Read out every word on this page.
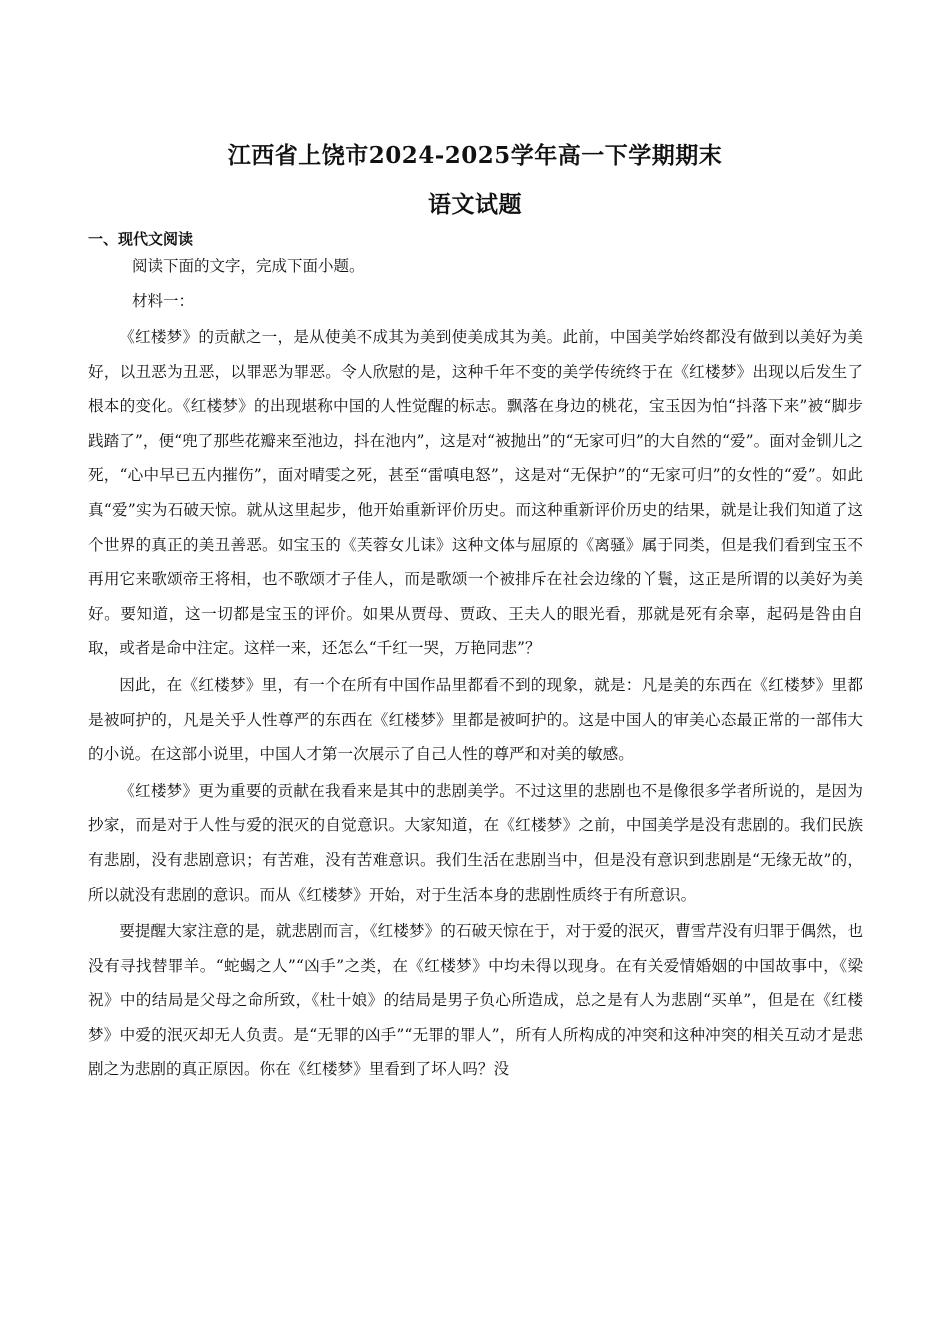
江西省上饶市2024-2025学年高一下学期期末
语文试题
一、现代文阅读
阅读下面的文字，完成下面小题。
材料一：

《红楼梦》的贡献之一，是从使美不成其为美到使美成其为美。此前，中国美学始终都没有做到以美好为美好，以丑恶为丑恶，以罪恶为罪恶。令人欣慰的是，这种千年不变的美学传统终于在《红楼梦》出现以后发生了根本的变化。《红楼梦》的出现堪称中国的人性觉醒的标志。飘落在身边的桃花，宝玉因为怕“抖落下来”被“脚步践踏了”，便“兜了那些花瓣来至池边，抖在池内”，这是对“被抛出”的“无家可归”的大自然的“爱”。面对金钏儿之死，“心中早已五内摧伤”，面对晴雯之死，甚至“雷嗔电怒”，这是对“无保护”的“无家可归”的女性的“爱”。如此真“爱”实为石破天惊。就从这里起步，他开始重新评价历史。而这种重新评价历史的结果，就是让我们知道了这个世界的真正的美丑善恶。如宝玉的《芙蓉女儿诔》这种文体与屈原的《离骚》属于同类，但是我们看到宝玉不再用它来歌颂帝王将相，也不歌颂才子佳人，而是歌颂一个被排斥在社会边缘的丫鬟，这正是所谓的以美好为美好。要知道，这一切都是宝玉的评价。如果从贾母、贾政、王夫人的眼光看，那就是死有余辜，起码是咎由自取，或者是命中注定。这样一来，还怎么“千红一哭，万艳同悲”？

因此，在《红楼梦》里，有一个在所有中国作品里都看不到的现象，就是：凡是美的东西在《红楼梦》里都是被呵护的，凡是关乎人性尊严的东西在《红楼梦》里都是被呵护的。这是中国人的审美心态最正常的一部伟大的小说。在这部小说里，中国人才第一次展示了自己人性的尊严和对美的敏感。

《红楼梦》更为重要的贡献在我看来是其中的悲剧美学。不过这里的悲剧也不是像很多学者所说的，是因为抄家，而是对于人性与爱的泯灭的自觉意识。大家知道，在《红楼梦》之前，中国美学是没有悲剧的。我们民族有悲剧，没有悲剧意识；有苦难，没有苦难意识。我们生活在悲剧当中，但是没有意识到悲剧是“无缘无故”的，所以就没有悲剧的意识。而从《红楼梦》开始，对于生活本身的悲剧性质终于有所意识。

要提醒大家注意的是，就悲剧而言，《红楼梦》的石破天惊在于，对于爱的泯灭，曹雪芹没有归罪于偶然，也没有寻找替罪羊。“蛇蝎之人”“凶手”之类，在《红楼梦》中均未得以现身。在有关爱情婚姻的中国故事中，《梁祝》中的结局是父母之命所致，《杜十娘》的结局是男子负心所造成，总之是有人为悲剧“买单”，但是在《红楼梦》中爱的泯灭却无人负责。是“无罪的凶手”“无罪的罪人”，所有人所构成的冲突和这种冲突的相关互动才是悲剧之为悲剧的真正原因。你在《红楼梦》里看到了坏人吗？没
